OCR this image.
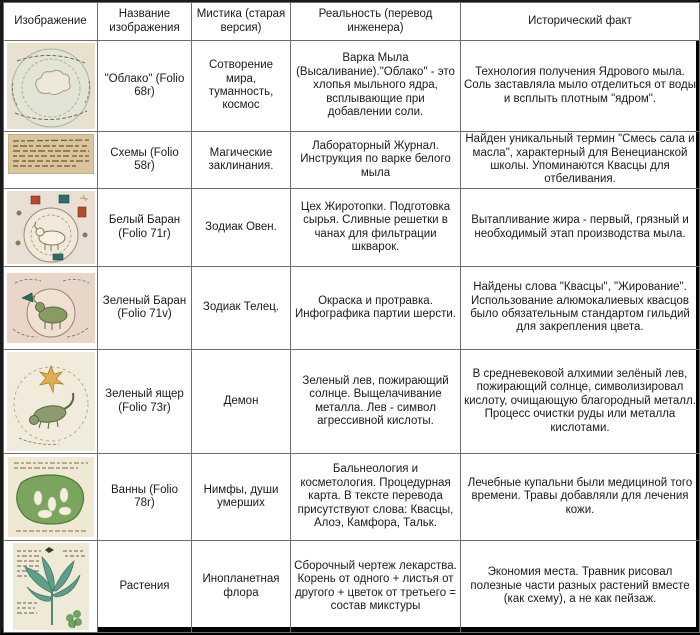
Изображение	Название изображения	Мистика (старая версия)	Реальность (перевод инженера)	Исторический факт

	"Облако" (Folio 68r)	Сотворение мира, туманность, космос	Варка Мыла (Высаливание)."Облако" - это хлопья мыльного ядра, всплывающие при добавлении соли.	Технология получения Ядрового мыла. Соль заставляла мыло отделиться от воды и всплыть плотным "ядром".

	Схемы (Folio 58r)	Магические заклинания.	Лабораторный Журнал. Инструкция по варке белого мыла	Найден уникальный термин "Смесь сала и масла", характерный для Венецианской школы. Упоминаются Квасцы для отбеливания.

	Белый Баран (Folio 71r)	Зодиак Овен.	Цех Жиротопки. Подготовка сырья. Сливные решетки в чанах для фильтрации шкварок.	Вытапливание жира - первый, грязный и необходимый этап производства мыла.

	Зеленый Баран (Folio 71v)	Зодиак Телец.	Окраска и протравка. Инфографика партии шерсти.	Найдены слова "Квасцы", "Жирование". Использование алюмокалиевых квасцов было обязательным стандартом гильдий для закрепления цвета.

	Зеленый ящер (Folio 73r)	Демон	Зеленый лев, пожирающий солнце. Выщелачивание металла. Лев - символ агрессивной кислоты.	В средневековой алхимии зелёный лев, пожирающий солнце, символизировал кислоту, очищающую благородный металл. Процесс очистки руды или металла кислотами.

	Ванны (Folio 78r)	Нимфы, души умерших	Бальнеология и косметология. Процедурная карта. В тексте перевода присутствуют слова: Квасцы, Алоэ, Камфора, Тальк.	Лечебные купальни были медициной того времени. Травы добавляли для лечения кожи.

	Растения	Инопланетная флора	Сборочный чертеж лекарства. Корень от одного + листья от другого + цветок от третьего = состав микстуры	Экономия места. Травник рисовал полезные части разных растений вместе (как схему), а не как пейзаж.
